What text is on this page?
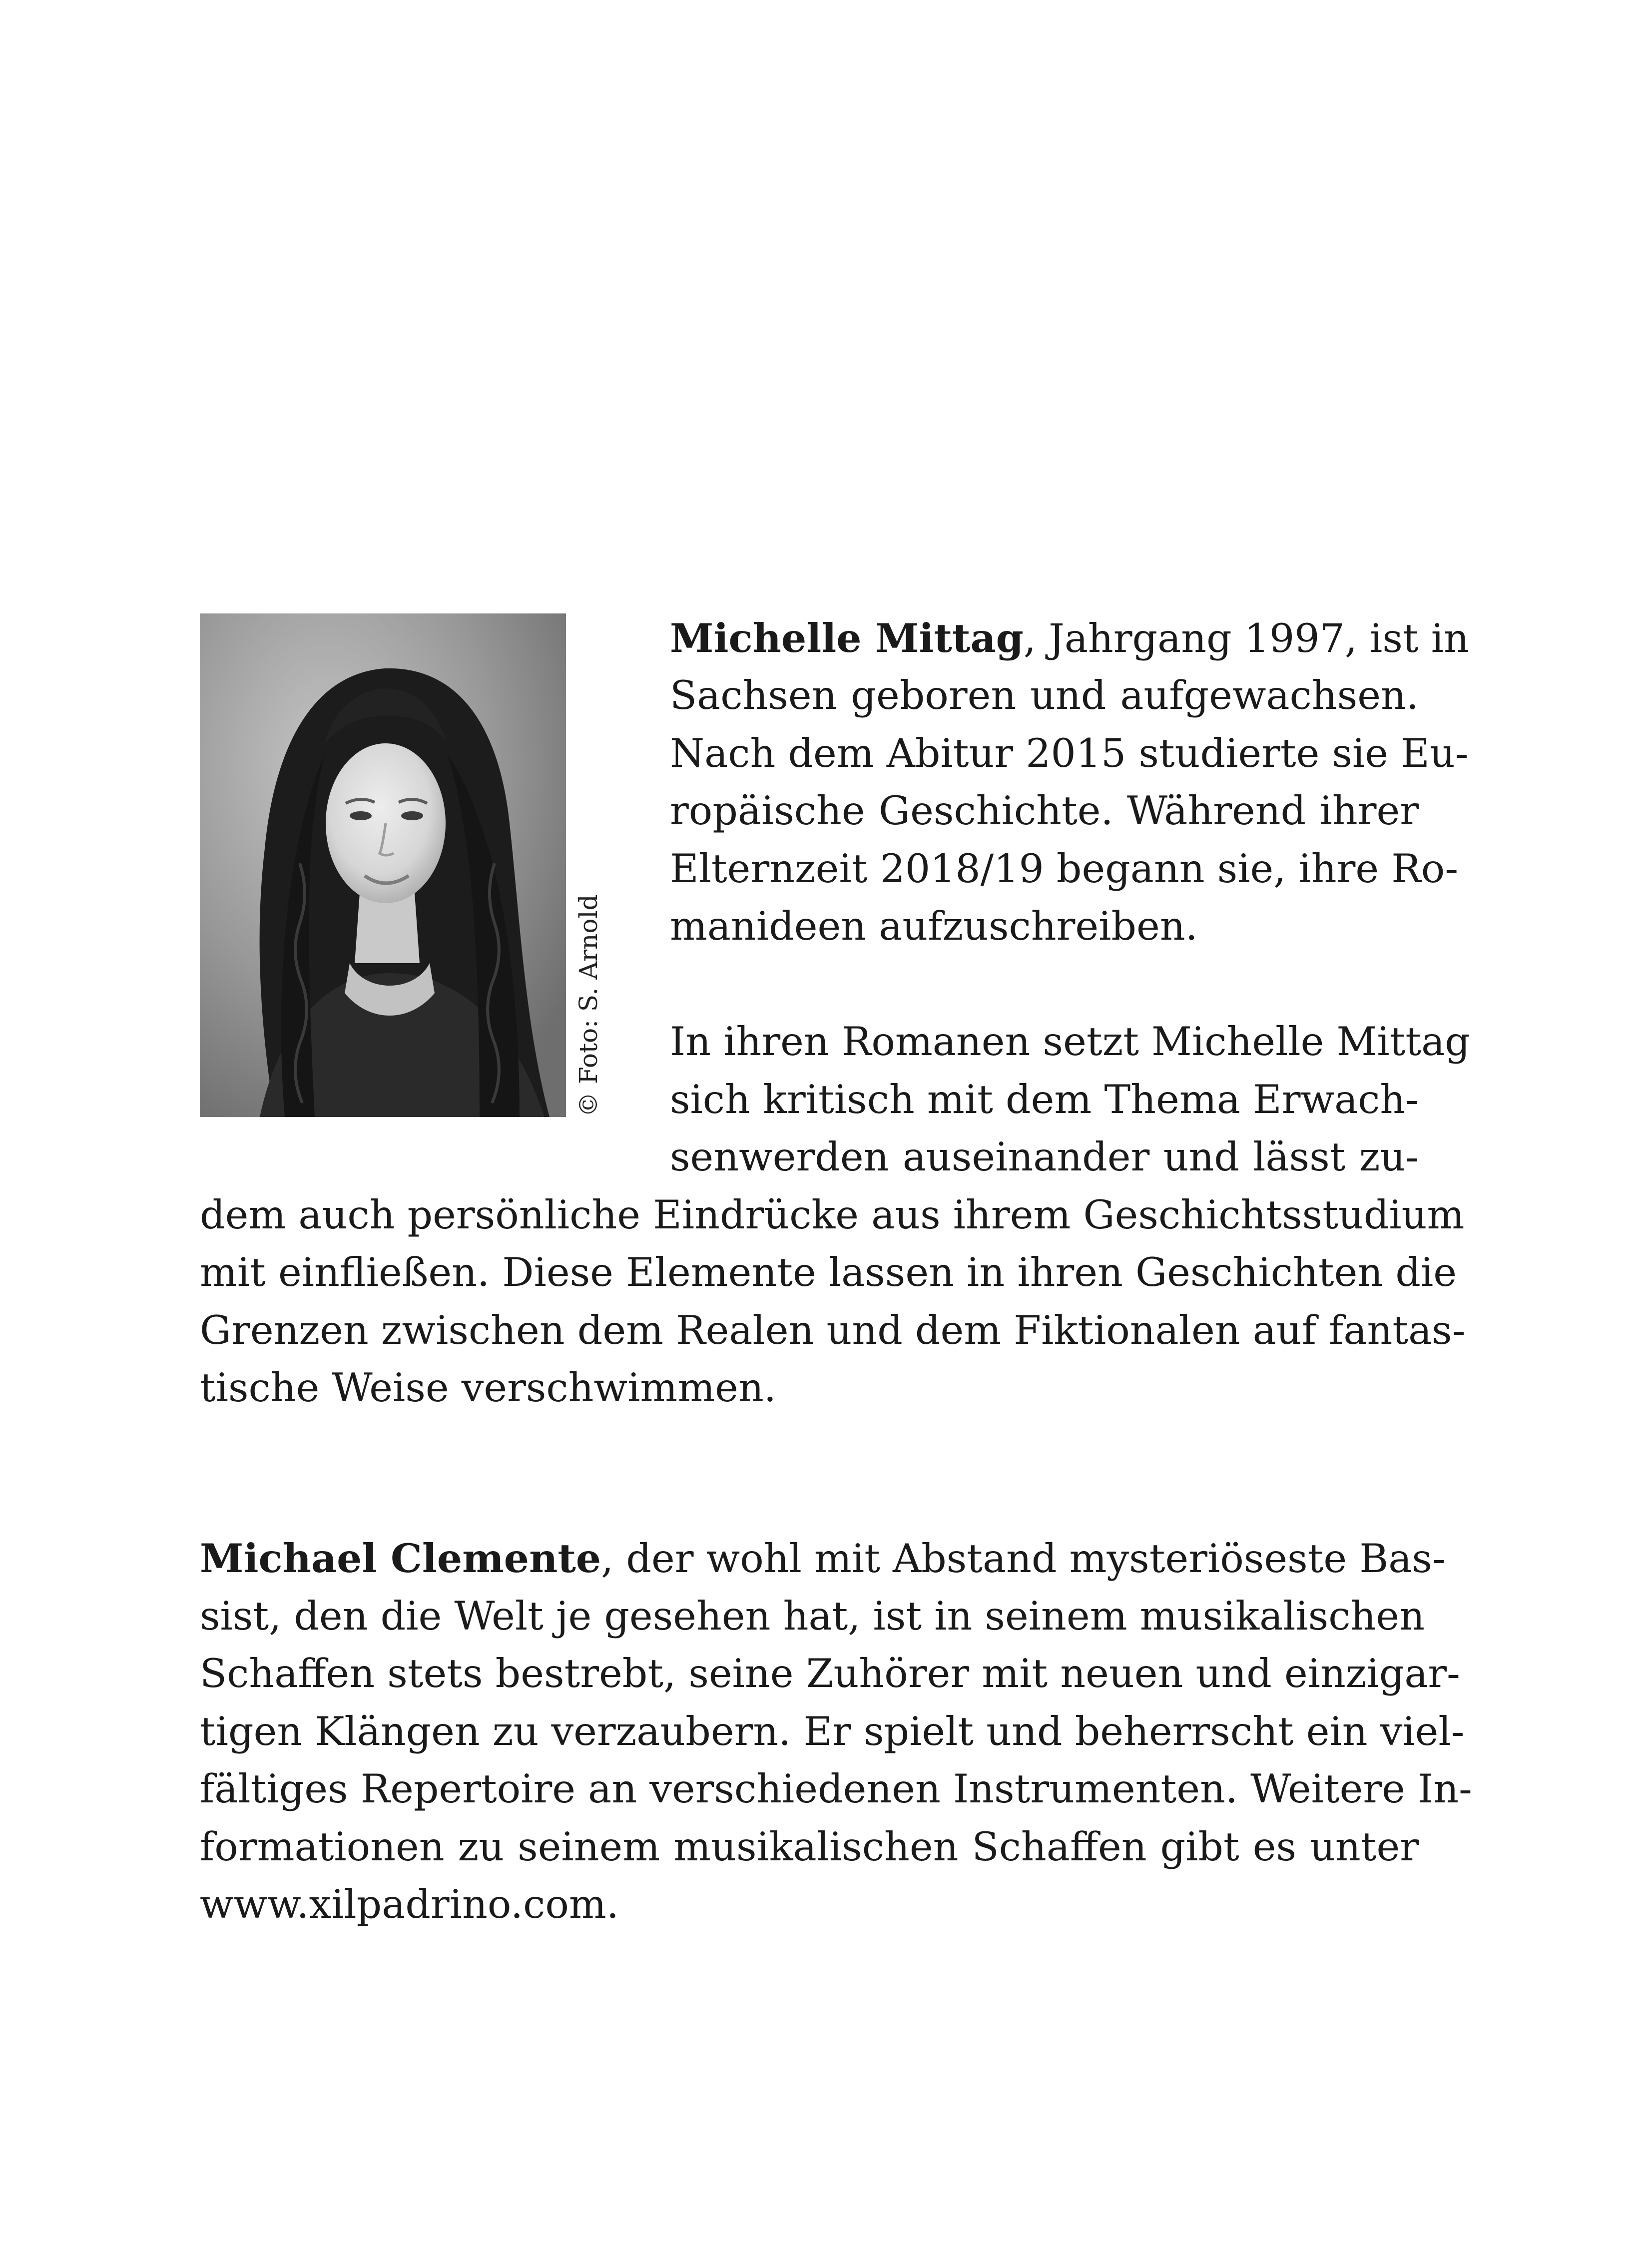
© Foto: S. Arnold
Michelle Mittag, Jahrgang 1997, ist in
Sachsen geboren und aufgewachsen.
Nach dem Abitur 2015 studierte sie Eu-
ropäische Geschichte. Während ihrer
Elternzeit 2018/19 begann sie, ihre Ro-
manideen aufzuschreiben.
In ihren Romanen setzt Michelle Mittag
sich kritisch mit dem Thema Erwach-
senwerden auseinander und lässt zu-
dem auch persönliche Eindrücke aus ihrem Geschichtsstudium
mit einfließen. Diese Elemente lassen in ihren Geschichten die
Grenzen zwischen dem Realen und dem Fiktionalen auf fantas-
tische Weise verschwimmen.
Michael Clemente, der wohl mit Abstand mysteriöseste Bas-
sist, den die Welt je gesehen hat, ist in seinem musikalischen
Schaffen stets bestrebt, seine Zuhörer mit neuen und einzigar-
tigen Klängen zu verzaubern. Er spielt und beherrscht ein viel-
fältiges Repertoire an verschiedenen Instrumenten. Weitere In-
formationen zu seinem musikalischen Schaffen gibt es unter
www.xilpadrino.com.
